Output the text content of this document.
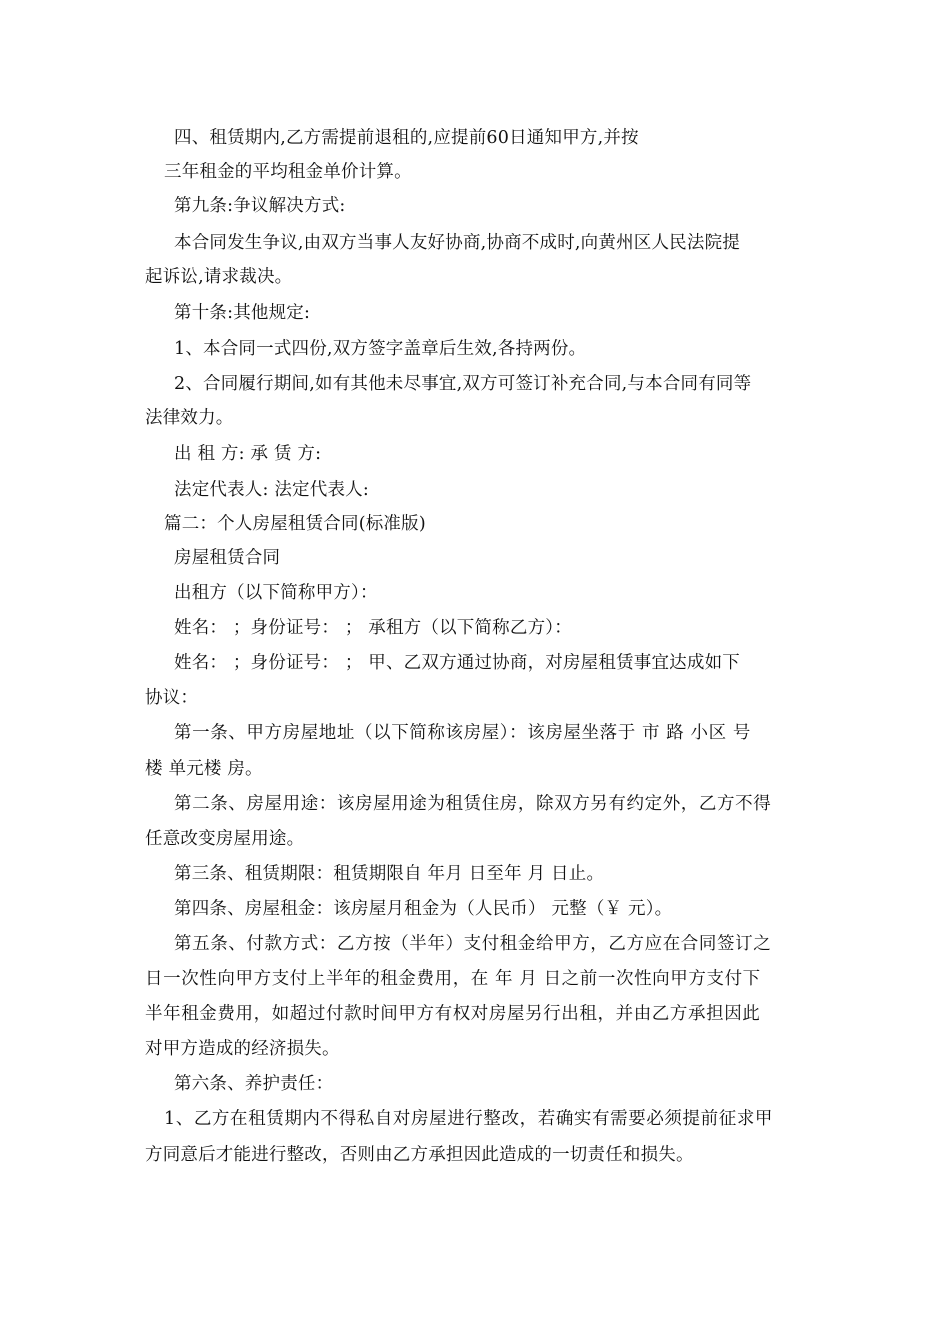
四、租赁期内,乙方需提前退租的,应提前60日通知甲方,并按
三年租金的平均租金单价计算。
第九条:争议解决方式:
本合同发生争议,由双方当事人友好协商,协商不成时,向黄州区人民法院提
起诉讼,请求裁决。
第十条:其他规定:
1、本合同一式四份,双方签字盖章后生效,各持两份。
2、合同履行期间,如有其他未尽事宜,双方可签订补充合同,与本合同有同等
法律效力。
出 租 方: 承 赁 方:
法定代表人: 法定代表人:
篇二：个人房屋租赁合同(标准版)
房屋租赁合同
出租方（以下简称甲方）：
姓名： ；身份证号： ； 承租方（以下简称乙方）：
姓名： ；身份证号： ； 甲、乙双方通过协商，对房屋租赁事宜达成如下
协议：
第一条、甲方房屋地址（以下简称该房屋）：该房屋坐落于 市 路 小区 号
楼 单元楼 房。
第二条、房屋用途：该房屋用途为租赁住房，除双方另有约定外，乙方不得
任意改变房屋用途。
第三条、租赁期限：租赁期限自 年月 日至年 月 日止。
第四条、房屋租金：该房屋月租金为（人民币） 元整（￥ 元）。
第五条、付款方式：乙方按（半年）支付租金给甲方，乙方应在合同签订之
日一次性向甲方支付上半年的租金费用，在 年 月 日之前一次性向甲方支付下
半年租金费用，如超过付款时间甲方有权对房屋另行出租，并由乙方承担因此
对甲方造成的经济损失。
第六条、养护责任：
1、乙方在租赁期内不得私自对房屋进行整改，若确实有需要必须提前征求甲
方同意后才能进行整改，否则由乙方承担因此造成的一切责任和损失。
